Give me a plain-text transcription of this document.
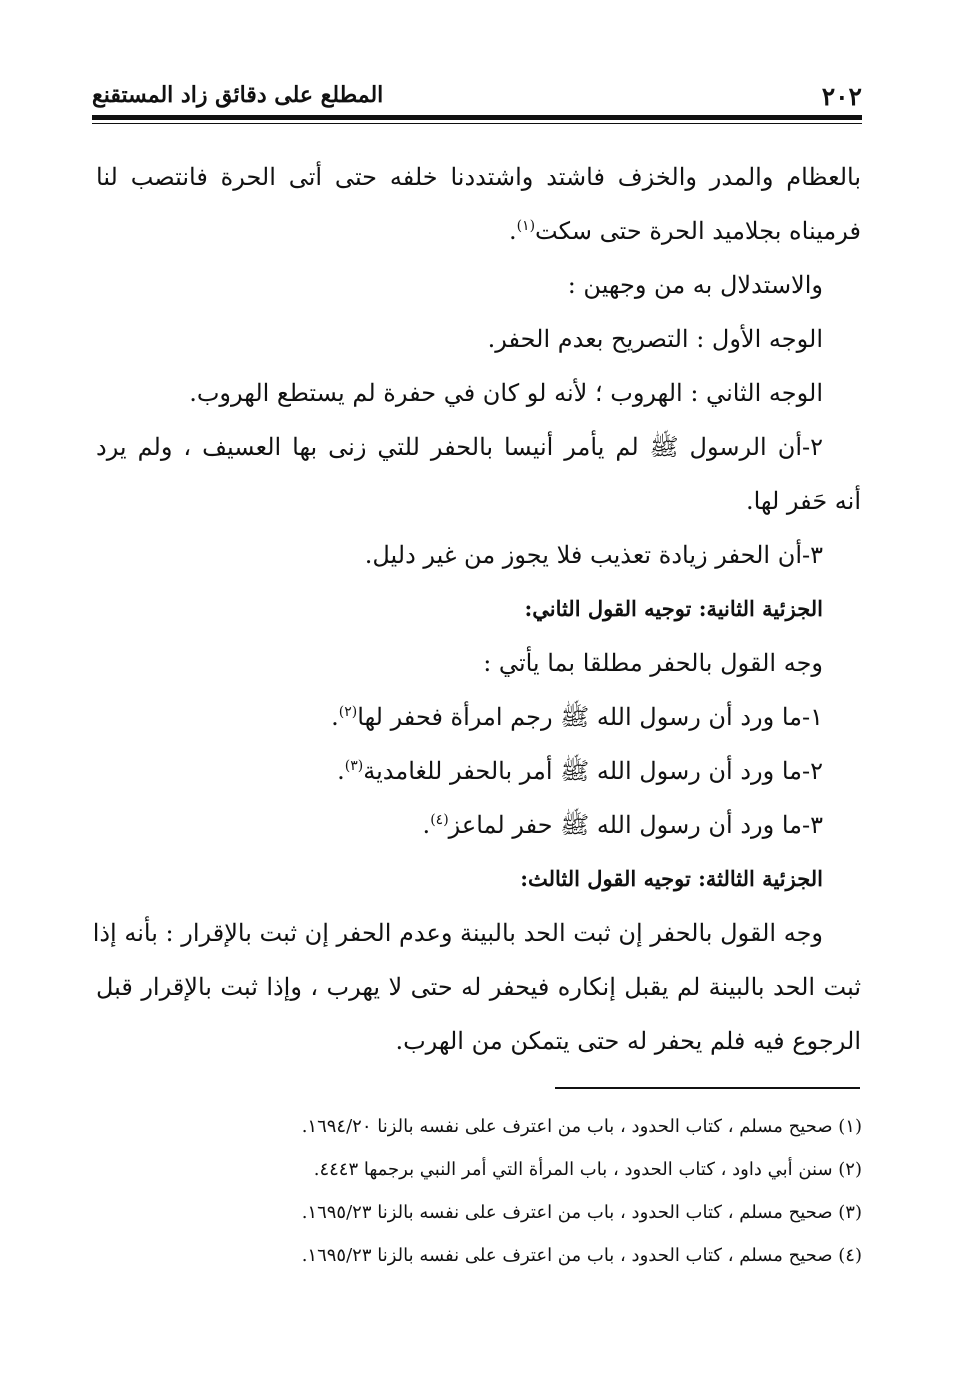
٢٠٢
المطلع على دقائق زاد المستقنع
بالعظام والمدر والخزف فاشتد واشتددنا خلفه حتى أتى الحرة فانتصب لنا
فرميناه بجلاميد الحرة حتى سكت$^{(١)}$.
والاستدلال به من وجهين :
الوجه الأول : التصريح بعدم الحفر.
الوجه الثاني : الهروب ؛ لأنه لو كان في حفرة لم يستطع الهروب.
٢-أن الرسول ﷺ لم يأمر أنيسا بالحفر للتي زنى بها العسيف ، ولم يرد
أنه حَفر لها.
٣-أن الحفر زيادة تعذيب فلا يجوز من غير دليل.
الجزئية الثانية: توجيه القول الثاني:
وجه القول بالحفر مطلقا بما يأتي :
١-ما ورد أن رسول الله ﷺ رجم امرأة فحفر لها$^{(٢)}$.
٢-ما ورد أن رسول الله ﷺ أمر بالحفر للغامدية$^{(٣)}$.
٣-ما ورد أن رسول الله ﷺ حفر لماعز$^{(٤)}$.
الجزئية الثالثة: توجيه القول الثالث:
وجه القول بالحفر إن ثبت الحد بالبينة وعدم الحفر إن ثبت بالإقرار : بأنه إذا
ثبت الحد بالبينة لم يقبل إنكاره فيحفر له حتى لا يهرب ، وإذا ثبت بالإقرار قبل
الرجوع فيه فلم يحفر له حتى يتمكن من الهرب.
(١) صحيح مسلم ، كتاب الحدود ، باب من اعترف على نفسه بالزنا ١٦٩٤/٢٠.
(٢) سنن أبي داود ، كتاب الحدود ، باب المرأة التي أمر النبي برجمها ٤٤٤٣.
(٣) صحيح مسلم ، كتاب الحدود ، باب من اعترف على نفسه بالزنا ١٦٩٥/٢٣.
(٤) صحيح مسلم ، كتاب الحدود ، باب من اعترف على نفسه بالزنا ١٦٩٥/٢٣.
